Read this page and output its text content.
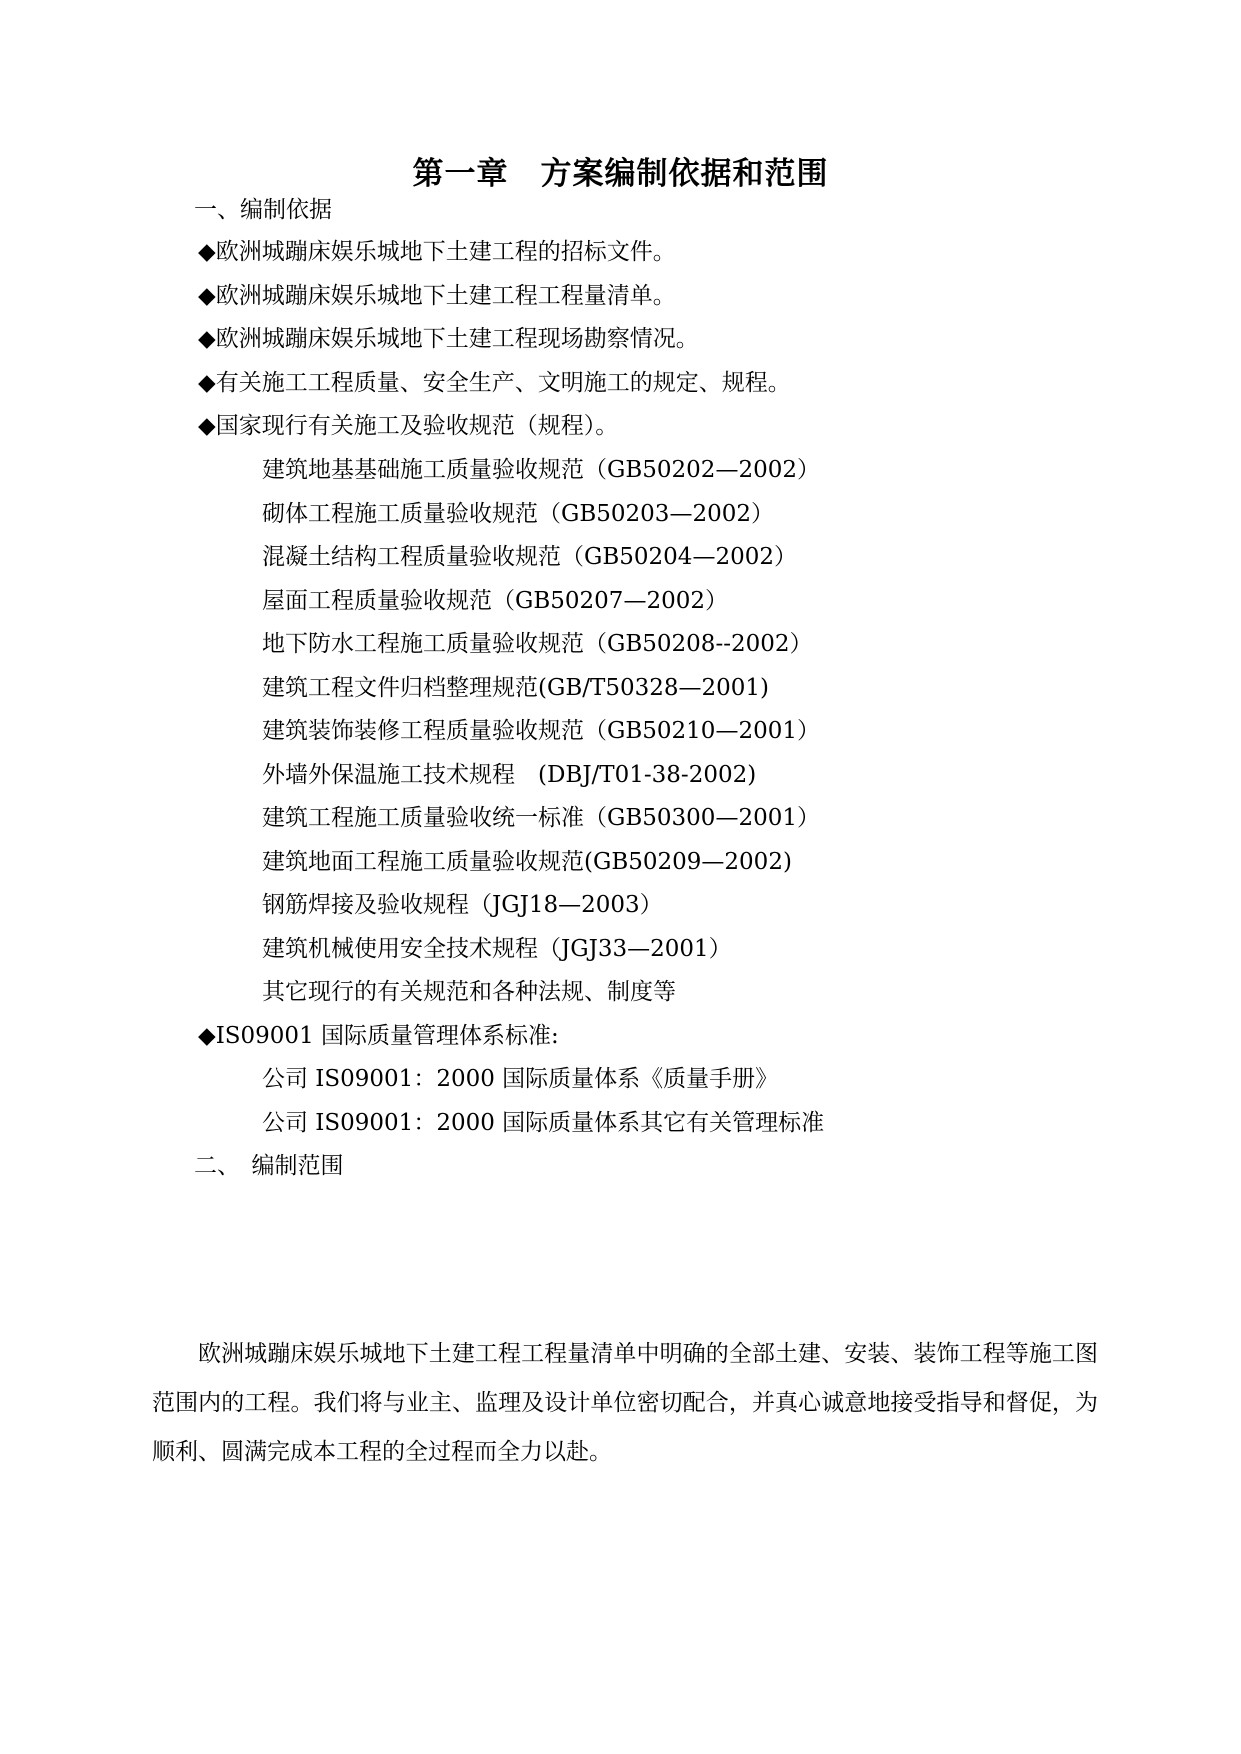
第一章　方案编制依据和范围
一、编制依据
◆欧洲城蹦床娱乐城地下土建工程的招标文件。
◆欧洲城蹦床娱乐城地下土建工程工程量清单。
◆欧洲城蹦床娱乐城地下土建工程现场勘察情况。
◆有关施工工程质量、安全生产、文明施工的规定、规程。
◆国家现行有关施工及验收规范（规程）。
建筑地基基础施工质量验收规范（GB50202—2002）
砌体工程施工质量验收规范（GB50203—2002）
混凝土结构工程质量验收规范（GB50204—2002）
屋面工程质量验收规范（GB50207—2002）
地下防水工程施工质量验收规范（GB50208--2002）
建筑工程文件归档整理规范(GB/T50328—2001)
建筑装饰装修工程质量验收规范（GB50210—2001）
外墙外保温施工技术规程　(DBJ/T01-38-2002)
建筑工程施工质量验收统一标准（GB50300—2001）
建筑地面工程施工质量验收规范(GB50209—2002)
钢筋焊接及验收规程（JGJ18—2003）
建筑机械使用安全技术规程（JGJ33—2001）
其它现行的有关规范和各种法规、制度等
◆IS09001 国际质量管理体系标准:
公司 IS09001：2000 国际质量体系《质量手册》
公司 IS09001：2000 国际质量体系其它有关管理标准
二、　编制范围
欧洲城蹦床娱乐城地下土建工程工程量清单中明确的全部土建、安装、装饰工程等施工图范围内的工程。我们将与业主、监理及设计单位密切配合，并真心诚意地接受指导和督促，为顺利、圆满完成本工程的全过程而全力以赴。
